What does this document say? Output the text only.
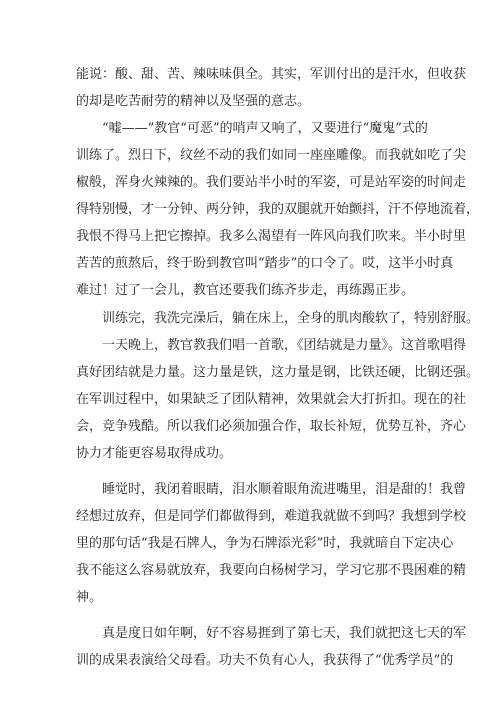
能说：酸、甜、苦、辣味味俱全。其实，军训付出的是汗水，但收获
的却是吃苦耐劳的精神以及坚强的意志。
“嘘——”教官“可恶”的哨声又响了，又要进行“魔鬼”式的
训练了。烈日下，纹丝不动的我们如同一座座雕像。而我就如吃了尖
椒般，浑身火辣辣的。我们要站半小时的军姿，可是站军姿的时间走
得特别慢，才一分钟、两分钟，我的双腿就开始颤抖，汗不停地流着，
我恨不得马上把它擦掉。我多么渴望有一阵风向我们吹来。半小时里
苦苦的煎熬后，终于盼到教官叫“踏步”的口令了。哎，这半小时真
难过！过了一会儿，教官还要我们练齐步走，再练踢正步。
训练完，我洗完澡后，躺在床上，全身的肌肉酸软了，特别舒服。
一天晚上，教官教我们唱一首歌，《团结就是力量》。这首歌唱得
真好团结就是力量。这力量是铁，这力量是钢，比铁还硬，比钢还强。
在军训过程中，如果缺乏了团队精神，效果就会大打折扣。现在的社
会，竞争残酷。所以我们必须加强合作，取长补短，优势互补，齐心
协力才能更容易取得成功。
睡觉时，我闭着眼睛，泪水顺着眼角流进嘴里，泪是甜的！我曾
经想过放弃，但是同学们都做得到，难道我就做不到吗？我想到学校
里的那句话“我是石牌人，争为石牌添光彩”时，我就暗自下定决心
我不能这么容易就放弃，我要向白杨树学习，学习它那不畏困难的精
神。
真是度日如年啊，好不容易捱到了第七天，我们就把这七天的军
训的成果表演给父母看。功夫不负有心人，我获得了“优秀学员”的
